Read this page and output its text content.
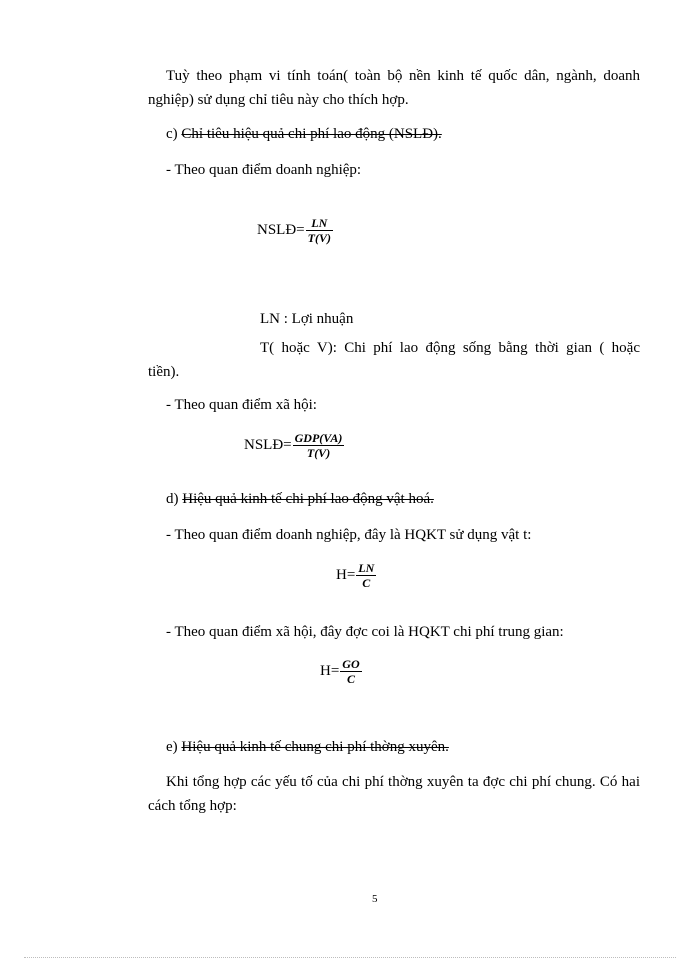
Tuỳ theo phạm vi tính toán( toàn bộ nền kinh tế quốc dân, ngành, doanh nghiệp) sử dụng chỉ tiêu này cho thích hợp.
c) Chỉ tiêu hiệu quả chi phí lao động (NSLĐ).
- Theo quan điểm doanh nghiệp:
NSLĐ= $\frac{LN}{T(V)}$
LN : Lợi nhuận
T( hoặc V): Chi phí lao động sống bằng thời gian ( hoặc
tiền).
- Theo quan điểm xã hội:
NSLĐ= $\frac{\text{GDP(VA)}}{T(V)}$
d) Hiệu quả kinh tế chi phí lao động vật hoá.
- Theo quan điểm doanh nghiệp, đây là HQKT sử dụng vật t:
$H= \frac{LN}{C}$
- Theo quan điểm xã hội, đây đợc coi là HQKT chi phí trung gian:
$H= \frac{GO}{C}$
e) Hiệu quả kinh tế chung chi phí thờng xuyên.
Khi tổng hợp các yếu tố của chi phí thờng xuyên ta đợc chi phí chung. Có hai cách tổng hợp:
5
